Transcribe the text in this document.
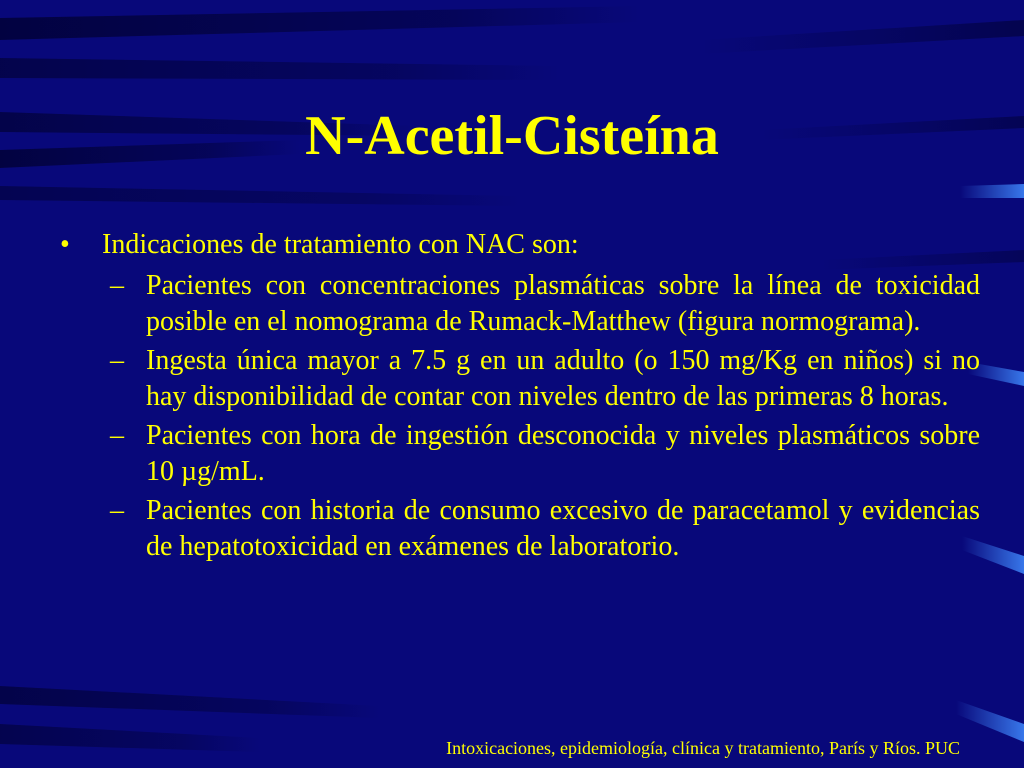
N-Acetil-Cisteína
•	Indicaciones de tratamiento con NAC son:
– Pacientes con concentraciones plasmáticas sobre la línea de toxicidad posible en el nomograma de Rumack-Matthew (figura normograma).
– Ingesta única mayor a 7.5 g en un adulto (o 150 mg/Kg en niños) si no hay disponibilidad de contar con niveles dentro de las primeras 8 horas.
– Pacientes con hora de ingestión desconocida y niveles plasmáticos sobre 10 µg/mL.
– Pacientes con historia de consumo excesivo de paracetamol y evidencias de hepatotoxicidad en exámenes de laboratorio.
Intoxicaciones, epidemiología, clínica y tratamiento, París y Ríos. PUC
